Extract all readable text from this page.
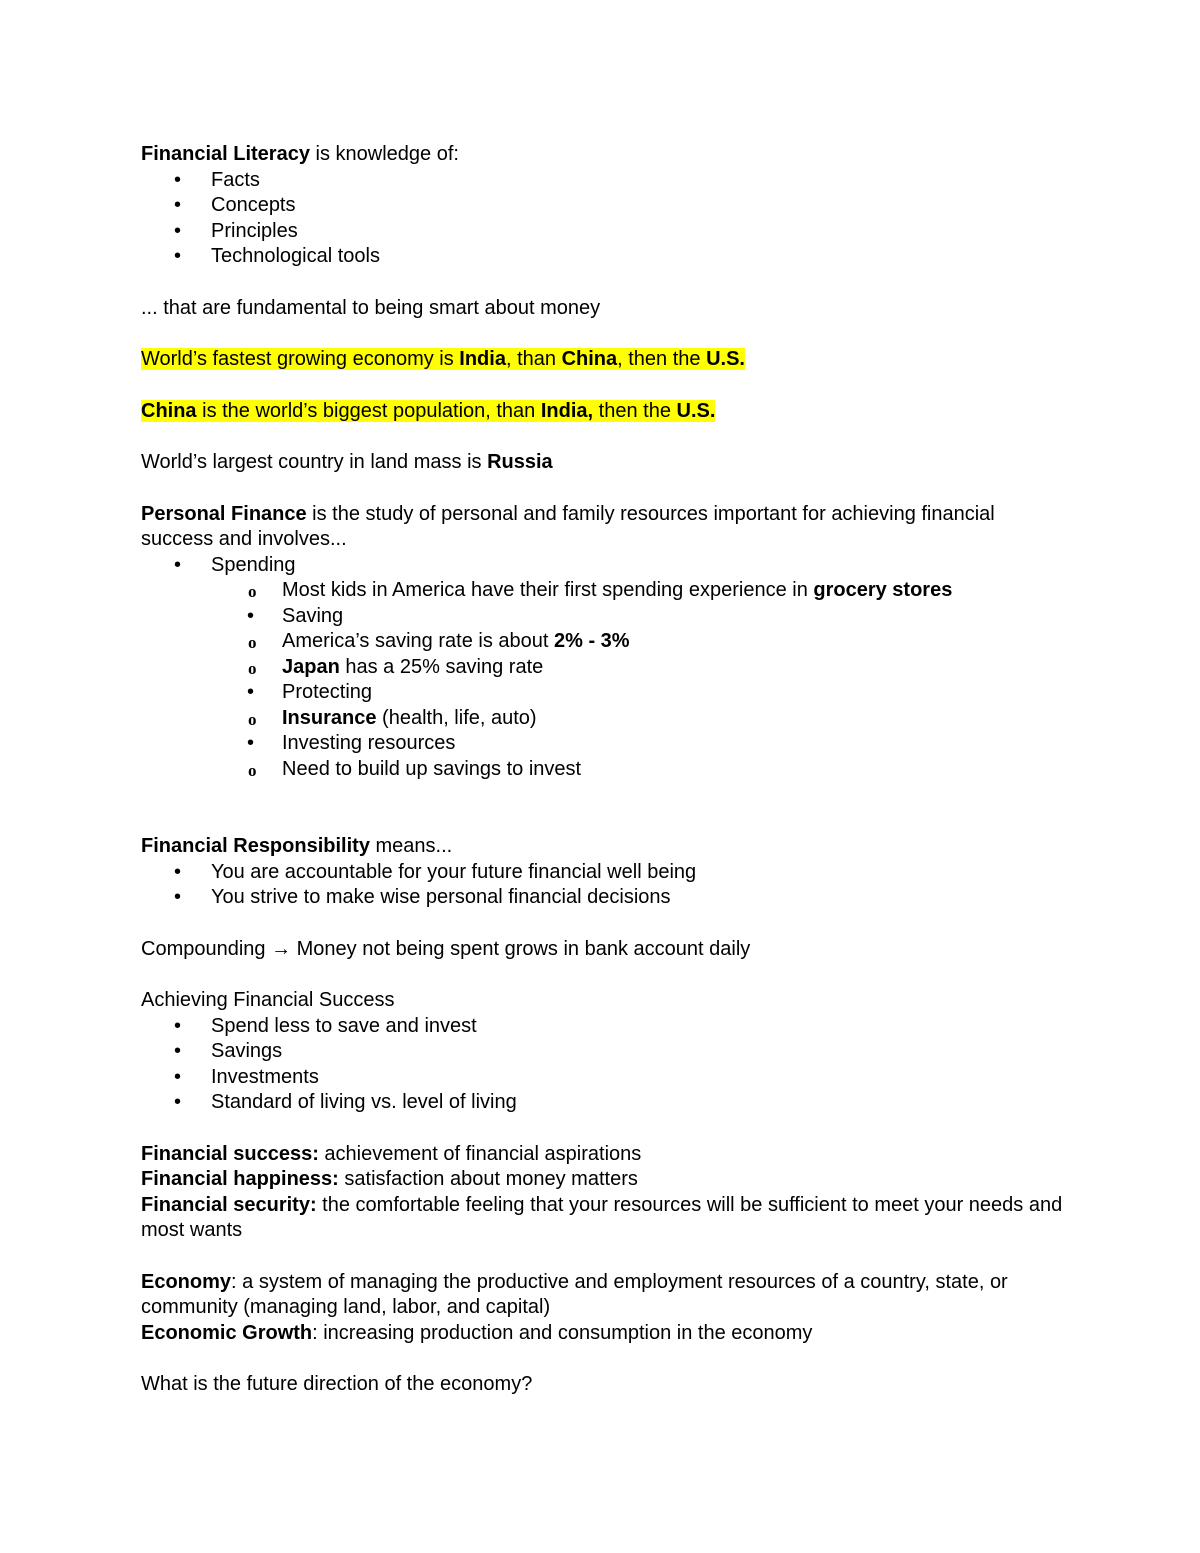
Financial Literacy is knowledge of:

• Facts
• Concepts
• Principles
• Technological tools

... that are fundamental to being smart about money

World’s fastest growing economy is India, than China, then the U.S.

China is the world’s biggest population, than India, then the U.S.

World’s largest country in land mass is Russia

Personal Finance is the study of personal and family resources important for achieving financial success and involves...

• Spending
o Most kids in America have their first spending experience in grocery stores
• Saving
o America’s saving rate is about 2% - 3%
o Japan has a 25% saving rate
• Protecting
o Insurance (health, life, auto)
• Investing resources
o Need to build up savings to invest

Financial Responsibility means...

• You are accountable for your future financial well being
• You strive to make wise personal financial decisions

Compounding → Money not being spent grows in bank account daily

Achieving Financial Success

• Spend less to save and invest
• Savings
• Investments
• Standard of living vs. level of living

Financial success: achievement of financial aspirations

Financial happiness: satisfaction about money matters

Financial security: the comfortable feeling that your resources will be sufficient to meet your needs and most wants

Economy: a system of managing the productive and employment resources of a country, state, or community (managing land, labor, and capital)

Economic Growth: increasing production and consumption in the economy

What is the future direction of the economy?
